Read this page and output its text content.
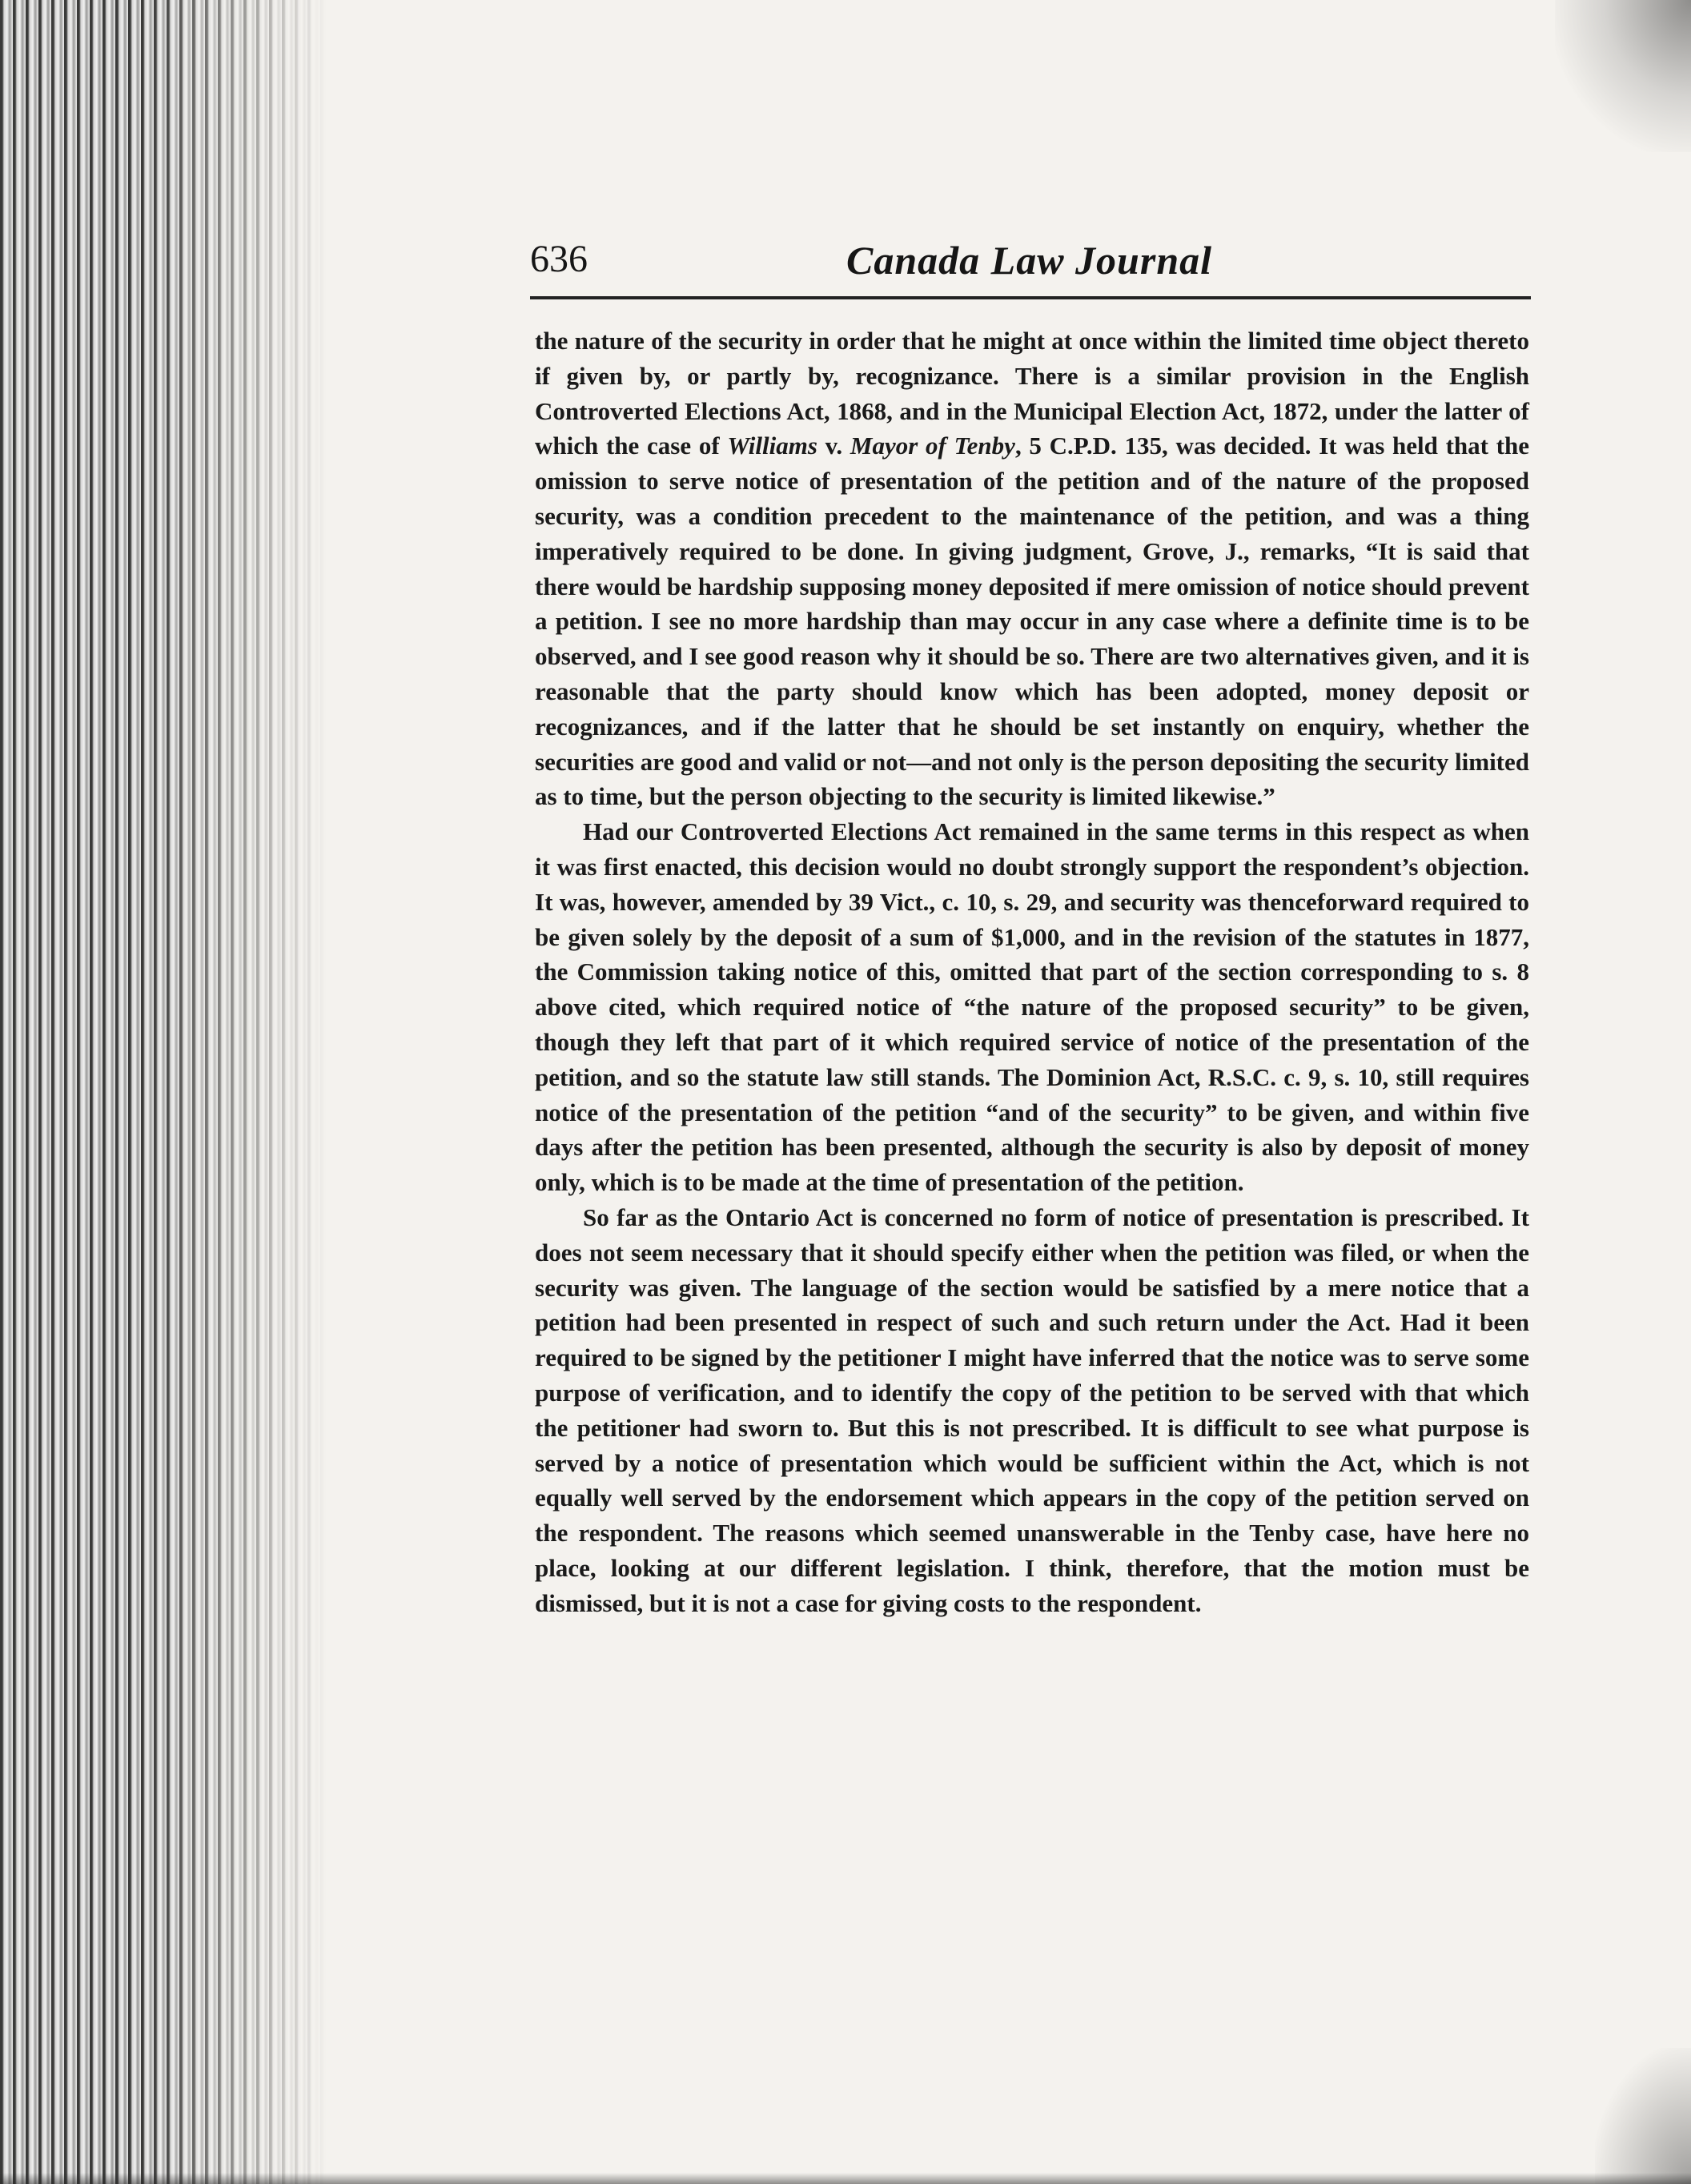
636	Canada Law Journal

the nature of the security in order that he might at once within the limited time object thereto if given by, or partly by, recognizance. There is a similar provision in the English Controverted Elections Act, 1868, and in the Municipal Election Act, 1872, under the latter of which the case of Williams v. Mayor of Tenby, 5 C.P.D. 135, was decided. It was held that the omission to serve notice of presentation of the petition and of the nature of the proposed security, was a condition precedent to the maintenance of the petition, and was a thing imperatively required to be done. In giving judgment, Grove, J., remarks, “It is said that there would be hardship supposing money deposited if mere omission of notice should prevent a petition. I see no more hardship than may occur in any case where a definite time is to be observed, and I see good reason why it should be so. There are two alternatives given, and it is reasonable that the party should know which has been adopted, money deposit or recognizances, and if the latter that he should be set instantly on enquiry, whether the securities are good and valid or not—and not only is the person depositing the security limited as to time, but the person objecting to the security is limited likewise.”

Had our Controverted Elections Act remained in the same terms in this respect as when it was first enacted, this decision would no doubt strongly support the respondent’s objection. It was, however, amended by 39 Vict., c. 10, s. 29, and security was thenceforward required to be given solely by the deposit of a sum of $1,000, and in the revision of the statutes in 1877, the Commission taking notice of this, omitted that part of the section corresponding to s. 8 above cited, which required notice of “the nature of the proposed security” to be given, though they left that part of it which required service of notice of the presentation of the petition, and so the statute law still stands. The Dominion Act, R.S.C. c. 9, s. 10, still requires notice of the presentation of the petition “and of the security” to be given, and within five days after the petition has been presented, although the security is also by deposit of money only, which is to be made at the time of presentation of the petition.

So far as the Ontario Act is concerned no form of notice of presentation is prescribed. It does not seem necessary that it should specify either when the petition was filed, or when the security was given. The language of the section would be satisfied by a mere notice that a petition had been presented in respect of such and such return under the Act. Had it been required to be signed by the petitioner I might have inferred that the notice was to serve some purpose of verification, and to identify the copy of the petition to be served with that which the petitioner had sworn to. But this is not prescribed. It is difficult to see what purpose is served by a notice of presentation which would be sufficient within the Act, which is not equally well served by the endorsement which appears in the copy of the petition served on the respondent. The reasons which seemed unanswerable in the Tenby case, have here no place, looking at our different legislation. I think, therefore, that the motion must be dismissed, but it is not a case for giving costs to the respondent.
